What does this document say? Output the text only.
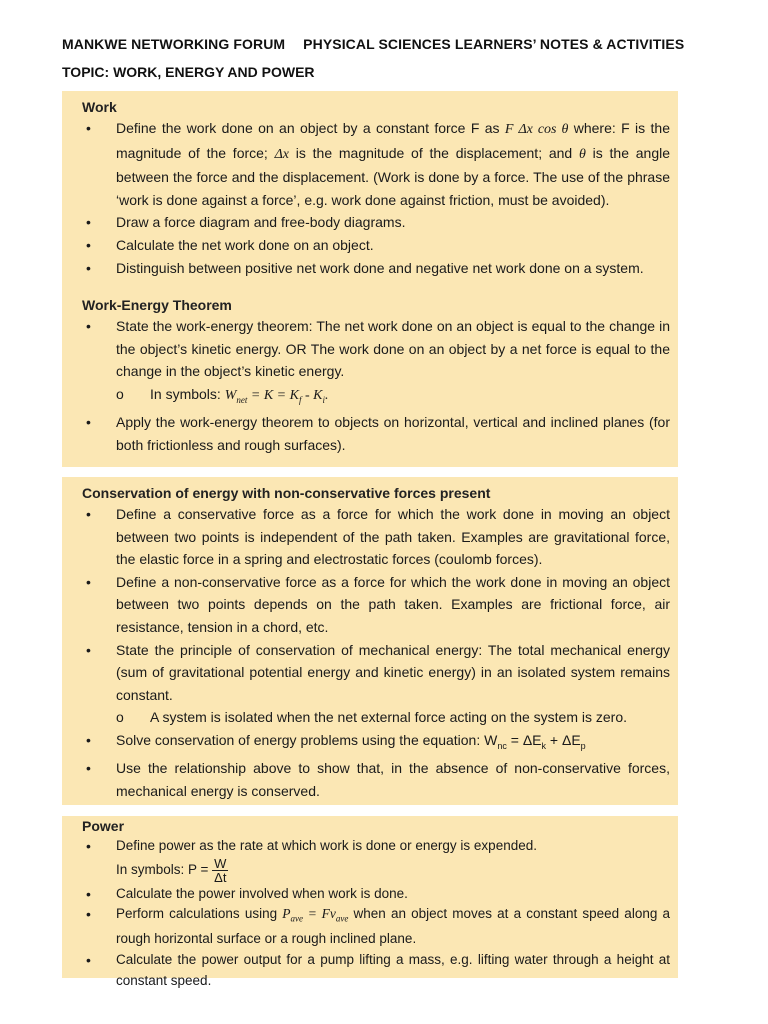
MANKWE NETWORKING FORUM PHYSICAL SCIENCES LEARNERS’ NOTES & ACTIVITIES
TOPIC: WORK, ENERGY AND POWER
Work
• Define the work done on an object by a constant force F as F Δx cos θ where: F is the magnitude of the force; Δx is the magnitude of the displacement; and θ is the angle between the force and the displacement. (Work is done by a force. The use of the phrase ‘work is done against a force’, e.g. work done against friction, must be avoided).
• Draw a force diagram and free-body diagrams.
• Calculate the net work done on an object.
• Distinguish between positive net work done and negative net work done on a system.
Work-Energy Theorem
• State the work-energy theorem: The net work done on an object is equal to the change in the object’s kinetic energy. OR The work done on an object by a net force is equal to the change in the object’s kinetic energy.
o In symbols: $W_{net} = K = K_f - K_i$.
• Apply the work-energy theorem to objects on horizontal, vertical and inclined planes (for both frictionless and rough surfaces).
Conservation of energy with non-conservative forces present
• Define a conservative force as a force for which the work done in moving an object between two points is independent of the path taken. Examples are gravitational force, the elastic force in a spring and electrostatic forces (coulomb forces).
• Define a non-conservative force as a force for which the work done in moving an object between two points depends on the path taken. Examples are frictional force, air resistance, tension in a chord, etc.
• State the principle of conservation of mechanical energy: The total mechanical energy (sum of gravitational potential energy and kinetic energy) in an isolated system remains constant.
o A system is isolated when the net external force acting on the system is zero.
• Solve conservation of energy problems using the equation: $W_{nc} = \Delta E_k + \Delta E_p$
• Use the relationship above to show that, in the absence of non-conservative forces, mechanical energy is conserved.
Power
• Define power as the rate at which work is done or energy is expended.
In symbols: $P = \frac{W}{\Delta t}$
• Calculate the power involved when work is done.
• Perform calculations using $P_{ave} = Fv_{ave}$ when an object moves at a constant speed along a rough horizontal surface or a rough inclined plane.
• Calculate the power output for a pump lifting a mass, e.g. lifting water through a height at constant speed.
